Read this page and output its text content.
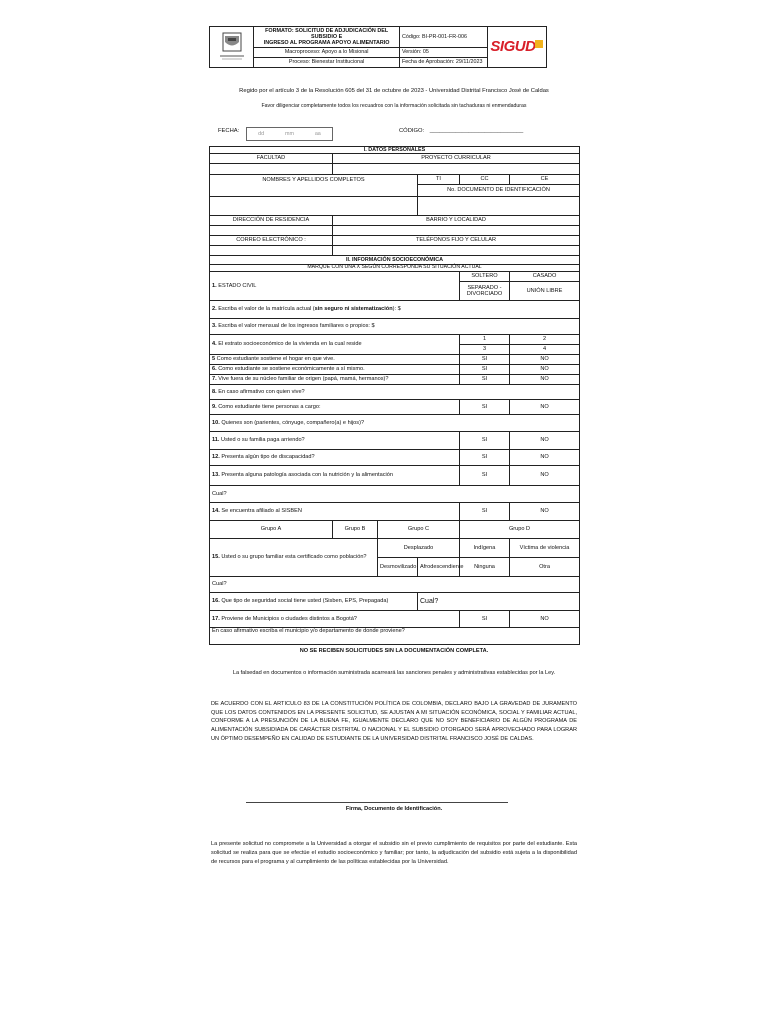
FORMATO: SOLICITUD DE ADJUDICACIÓN DEL SUBSIDIO E
INGRESO AL PROGRAMA APOYO ALIMENTARIO	Código: BI-PR-001-FR-006	SIGUD
	Macroproceso: Apoyo a lo Misional	Versión: 05	
	Proceso: Bienestar Institucional	Fecha de Aprobación: 29/11/2023	
Regido por el artículo 3 de la Resolución 605 del 31 de octubre de 2023 - Universidad Distrital Francisco José de Caldas
Favor diligenciar completamente todos los recuadros con la información solicitada sin tachaduras ni enmendaduras
FECHA:	dd	mm	aa	CÓDIGO: _____________________________
I. DATOS PERSONALES					
FACULTAD	PROYECTO CURRICULAR				

NOMBRES Y APELLIDOS COMPLETOS			TI	CC	CE
			No. DOCUMENTO DE IDENTIFICACIÓN		

DIRECCIÓN DE RESIDENCIA	BARRIO Y LOCALIDAD				

CORREO ELECTRÓNICO :	TELÉFONOS FIJO Y CELULAR				

II. INFORMACIÓN SOCIOECONÓMICA					
MARQUE CON UNA X SEGÚN CORRESPONDA SU SITUACIÓN ACTUAL					
1. ESTADO CIVIL				SOLTERO	CASADO
				SEPARADO - DIVORCIADO	UNIÓN LIBRE
2. Escriba el valor de la matrícula actual (sin seguro ni sistematización): $					
3. Escriba el valor mensual de los ingresos familiares o propios: $					
4. El estrato socioeconómico de la vivienda en la cual reside				1	2
				3	4
5 Como estudiante sostiene el hogar en que vive.				SI	NO
6. Como estudiante se sostiene económicamente a sí mismo.				SI	NO
7. Vive fuera de su núcleo familiar de origen (papá, mamá, hermanos)?				SI	NO
8. En caso afirmativo con quien vive?					
9. Como estudiante tiene personas a cargo:				SI	NO
10. Quienes son (parientes, cónyuge, compañero(a) e hijos)?					
11. Usted o su familia paga arriendo?				SI	NO
12. Presenta algún tipo de discapacidad?				SI	NO
13. Presenta alguna patología asociada con la nutrición y la alimentación				SI	NO
Cual?					
14. Se encuentra afiliado al SISBEN				SI	NO
Grupo A	Grupo B	Grupo C		Grupo D	
15. Usted o su grupo familiar esta certificado como población?		Desplazado		Indígena	Víctima de violencia
		Desmovilizado	Afrodescendiente	Ninguna	Otra
Cual?					
16. Que tipo de seguridad social tiene usted (Sisben, EPS, Prepagada)			Cual?		
17. Proviene de Municipios o ciudades distintos a Bogotá?				SI	NO
En caso afirmativo escriba el municipio y/o departamento de donde proviene?					
NO SE RECIBEN SOLICITUDES SIN LA DOCUMENTACIÓN COMPLETA.
La falsedad en documentos o información suministrada acarreará las sanciones penales y administrativas establecidas por la Ley.
DE ACUERDO CON EL ARTICULO 83 DE LA CONSTITUCIÓN POLÍTICA DE COLOMBIA, DECLARO BAJO LA GRAVEDAD DE JURAMENTO QUE LOS DATOS CONTENIDOS EN LA PRESENTE SOLICITUD, SE AJUSTAN A MI SITUACIÓN ECONÓMICA, SOCIAL Y FAMILIAR ACTUAL, CONFORME A LA PRESUNCIÓN DE LA BUENA FE, IGUALMENTE DECLARO QUE NO SOY BENEFICIARIO DE ALGÚN PROGRAMA DE ALIMENTACIÓN SUBSIDIADA DE CARÁCTER DISTRITAL O NACIONAL Y EL SUBSIDIO OTORGADO SERÁ APROVECHADO PARA LOGRAR UN ÓPTIMO DESEMPEÑO EN CALIDAD DE ESTUDIANTE DE LA UNIVERSIDAD DISTRITAL FRANCISCO JOSÉ DE CALDAS.
Firma, Documento de Identificación.
La presente solicitud no compromete a la Universidad a otorgar el subsidio sin el previo cumplimiento de requisitos por parte del estudiante. Esta solicitud se realiza para que se efectúe el estudio socioeconómico y familiar; por tanto, la adjudicación del subsidio está sujeta a la disponibilidad de recursos para el programa y al cumplimiento de las políticas establecidas por la Universidad.
